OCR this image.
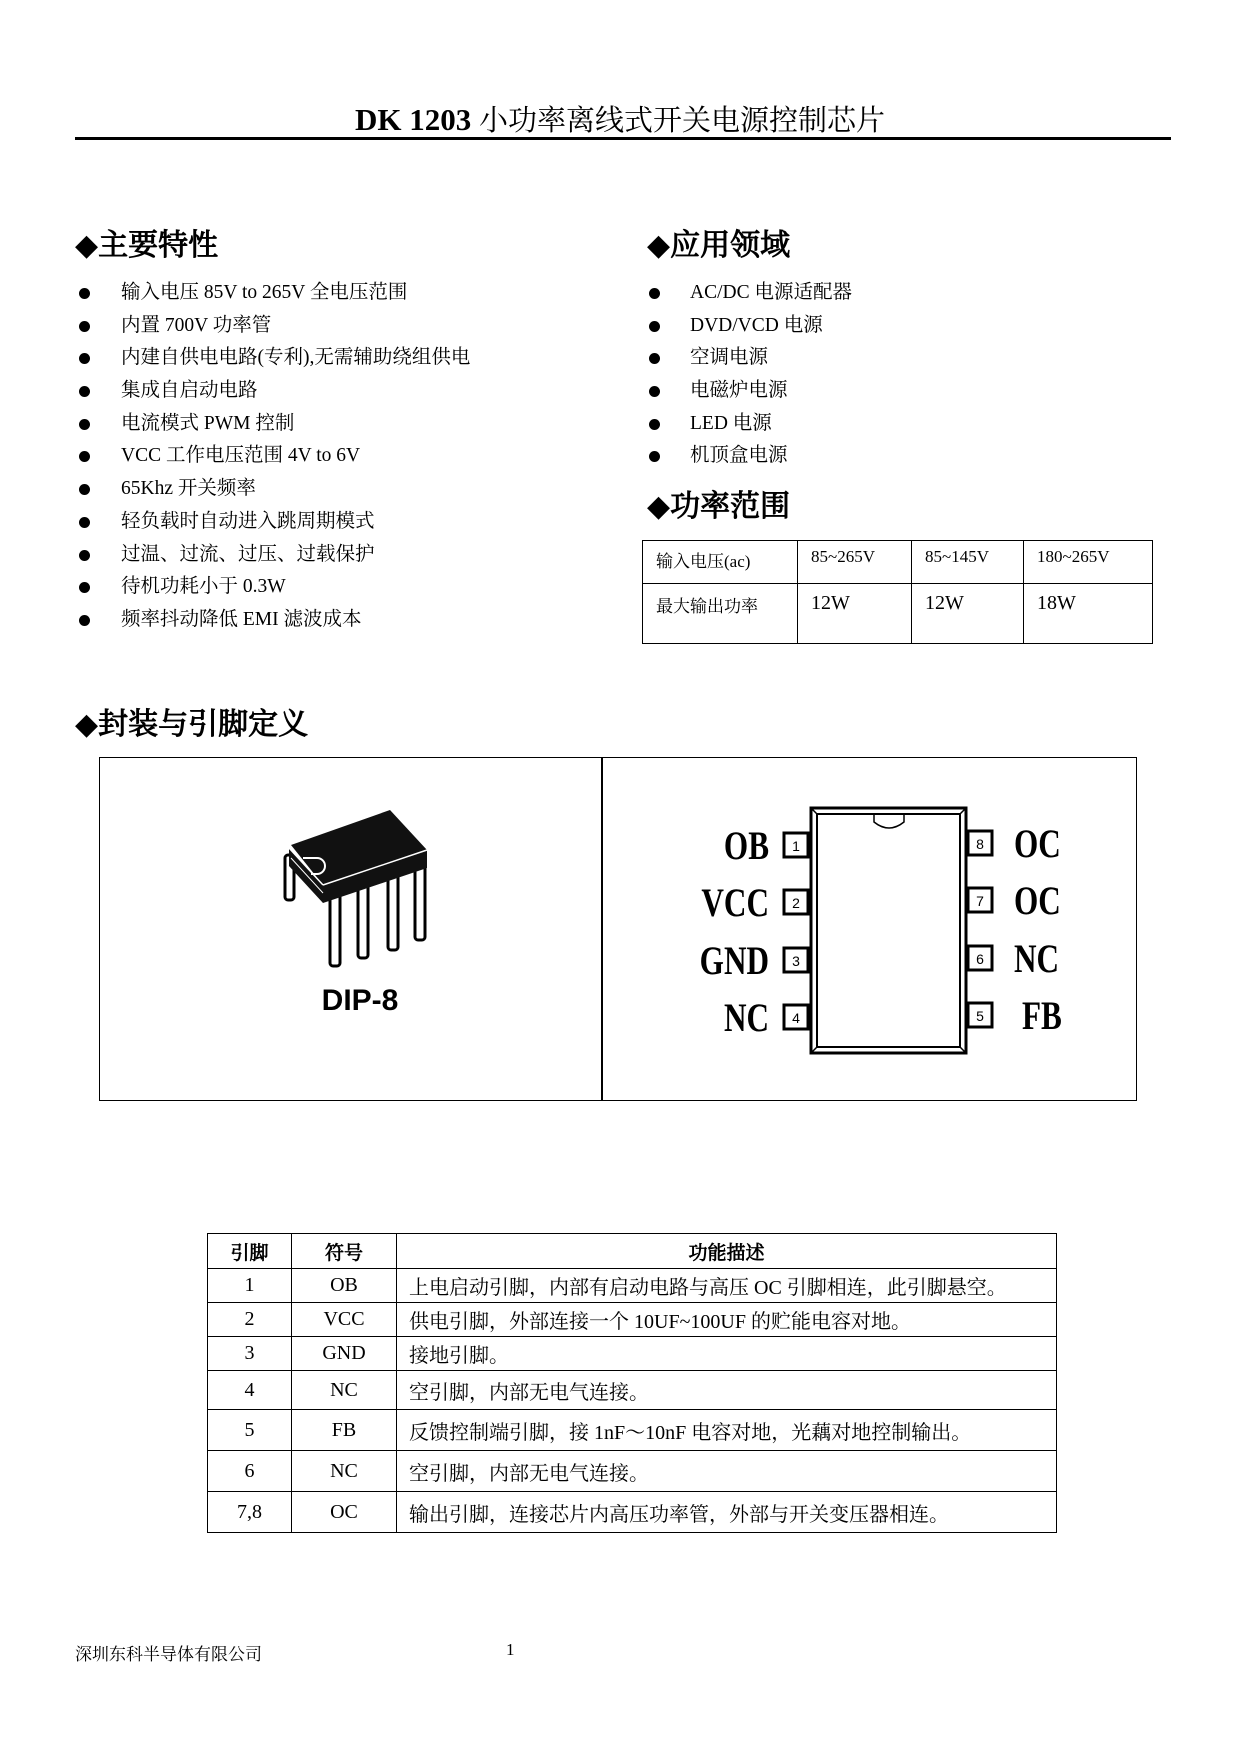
DK 1203 小功率离线式开关电源控制芯片
◆主要特性
输入电压 85V to 265V 全电压范围
内置 700V 功率管
内建自供电电路(专利),无需辅助绕组供电
集成自启动电路
电流模式 PWM 控制
VCC 工作电压范围 4V to 6V
65Khz 开关频率
轻负载时自动进入跳周期模式
过温、过流、过压、过载保护
待机功耗小于 0.3W
频率抖动降低 EMI 滤波成本
◆应用领域
AC/DC 电源适配器
DVD/VCD 电源
空调电源
电磁炉电源
LED 电源
机顶盒电源
◆功率范围
输入电压(ac)	85~265V	85~145V	180~265V
最大输出功率	12W	12W	18W
◆封装与引脚定义
DIP-8
1
OB
2
VCC
3
GND
4
NC
8 OC
7 OC
6 NC
5 FB
引脚	符号	功能描述
1	OB	上电启动引脚，内部有启动电路与高压 OC 引脚相连，此引脚悬空。
2	VCC	供电引脚，外部连接一个 10UF~100UF 的贮能电容对地。
3	GND	接地引脚。
4	NC	空引脚，内部无电气连接。
5	FB	反馈控制端引脚，接 1nF～10nF 电容对地，光藕对地控制输出。
6	NC	空引脚，内部无电气连接。
7,8	OC	输出引脚，连接芯片内高压功率管，外部与开关变压器相连。
深圳东科半导体有限公司	1
